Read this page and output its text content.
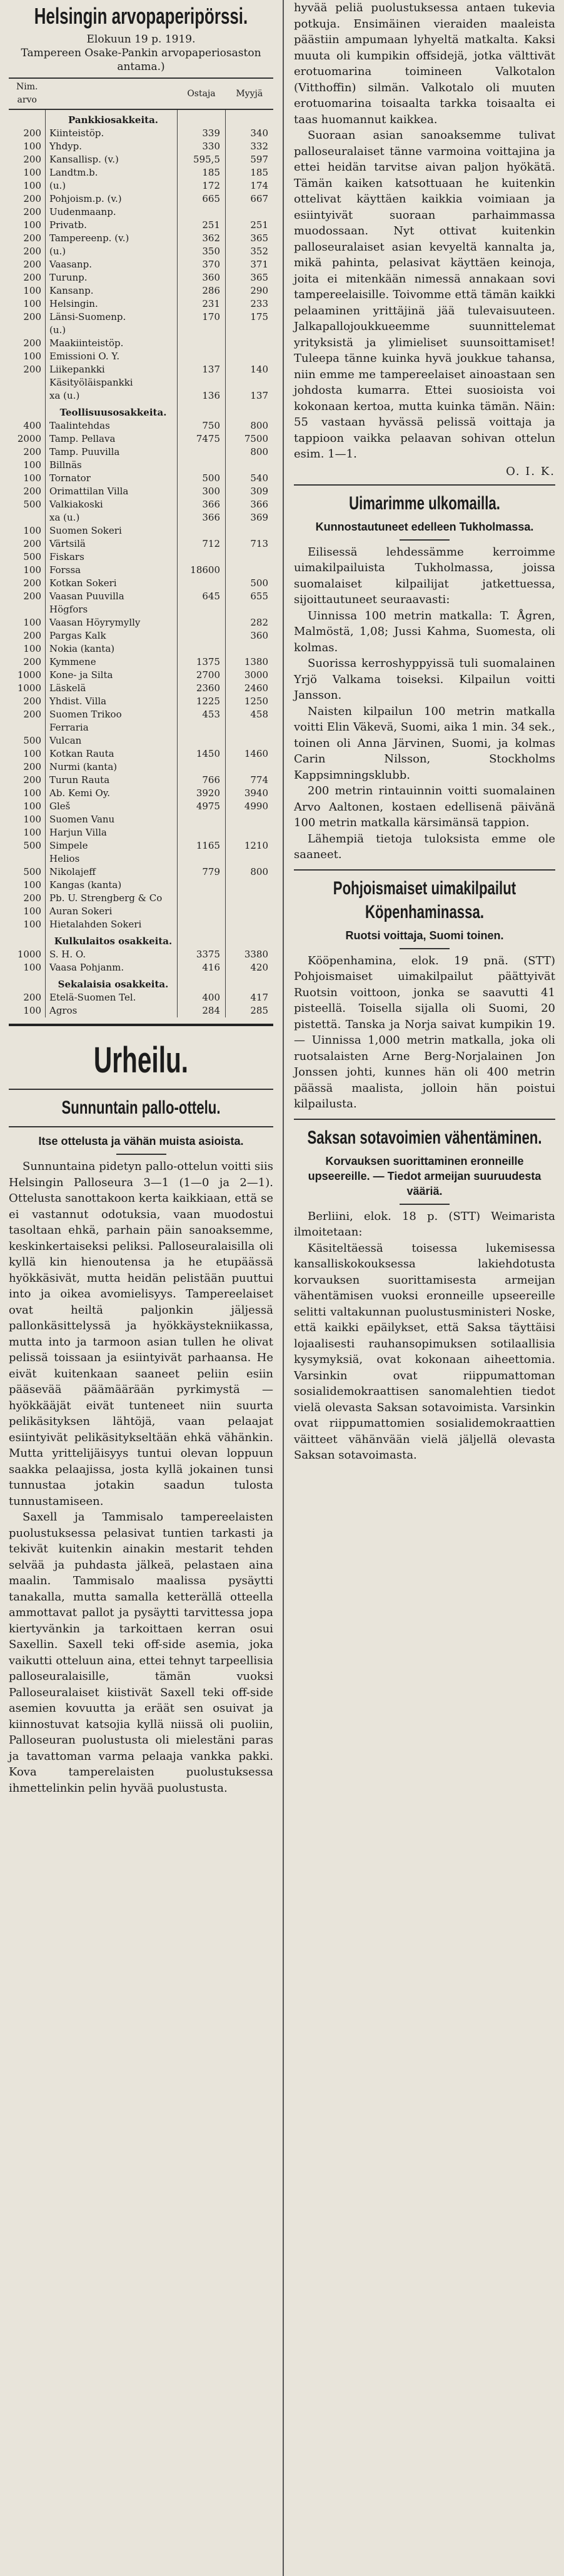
Helsingin arvopaperipörssi.
Elokuun 19 p. 1919.
Tampereen Osake-Pankin arvopaperiosaston antama.)
Nim. arvo		Ostaja	Myyjä
	Pankkiosakkeita.		
200	Kiinteistöp.	339	340
100	Yhdyp.	330	332
200	Kansallisp. (v.)	595,5	597
100	Landtm.b.	185	185
100	(u.)	172	174
200	Pohjoism.p. (v.)	665	667
200	Uudenmaanp.		
100	Privatb.	251	251
200	Tampereenp. (v.)	362	365
200	(u.)	350	352
200	Vaasanp.	370	371
200	Turunp.	360	365
100	Kansanp.	286	290
100	Helsingin.	231	233
200	Länsi-Suomenp.	170	175
	(u.)		
200	Maakiinteistöp.		
100	Emissioni O. Y.		
200	Liikepankki	137	140
	Käsityöläispankki		
	xa (u.)	136	137
	Teollisuusosakkeita.		
400	Taalintehdas	750	800
2000	Tamp. Pellava	7475	7500
200	Tamp. Puuvilla		800
100	Billnäs		
100	Tornator	500	540
200	Orimattilan Villa	300	309
500	Valkiakoski	366	366
	xa (u.)	366	369
100	Suomen Sokeri		
200	Värtsilä	712	713
500	Fiskars		
100	Forssa	18600	
200	Kotkan Sokeri		500
200	Vaasan Puuvilla	645	655
	Högfors		
100	Vaasan Höyrymylly		282
200	Pargas Kalk		360
100	Nokia (kanta)		
200	Kymmene	1375	1380
1000	Kone- ja Silta	2700	3000
1000	Läskelä	2360	2460
200	Yhdist. Villa	1225	1250
200	Suomen Trikoo	453	458
	Ferraria		
500	Vulcan		
100	Kotkan Rauta	1450	1460
200	Nurmi (kanta)		
200	Turun Rauta	766	774
100	Ab. Kemi Oy.	3920	3940
100	Gleš	4975	4990
100	Suomen Vanu		
100	Harjun Villa		
500	Simpele	1165	1210
	Helios		
500	Nikolajeff	779	800
100	Kangas (kanta)		
200	Pb. U. Strengberg & Co		
100	Auran Sokeri		
100	Hietalahden Sokeri		
	Kulkulaitos osakkeita.		
1000	S. H. O.	3375	3380
100	Vaasa Pohjanm.	416	420
	Sekalaisia osakkeita.		
200	Etelä-Suomen Tel.	400	417
100	Agros	284	285
Urheilu.
Sunnuntain pallo-ottelu.
Itse ottelusta ja vähän muista asioista.

Sunnuntaina pidetyn pallo-ottelun voitti siis Helsingin Palloseura 3—1 (1—0 ja 2—1). Ottelusta sanottakoon kerta kaikkiaan, että se ei vastannut odotuksia, vaan muodostui tasoltaan ehkä, parhain päin sanoaksemme, keskinkertaiseksi peliksi. Palloseuralaisilla oli kyllä kin hienoutensa ja he etupäässä hyökkäsivät, mutta heidän pelistään puuttui into ja oikea avomielisyys. Tampereelaiset ovat heiltä paljonkin jäljessä pallonkäsittelyssä ja hyökkäystekniikassa, mutta into ja tarmoon asian tullen he olivat pelissä toissaan ja esiintyivät parhaansa. He eivät kuitenkaan saaneet peliin esiin pääsevää päämäärään pyrkimystä — hyökkääjät eivät tunteneet niin suurta pelikäsityksen lähtöjä, vaan pelaajat esiintyivät pelikäsitykseltään ehkä vähänkin. Mutta yrittelijäisyys tuntui olevan loppuun saakka pelaajissa, josta kyllä jokainen tunsi tunnustaa jotakin saadun tulosta tunnustamiseen.

Saxell ja Tammisalo tampereelaisten puolustuksessa pelasivat tuntien tarkasti ja tekivät kuitenkin ainakin mestarit tehden selvää ja puhdasta jälkeä, pelastaen aina maalin. Tammisalo maalissa pysäytti tanakalla, mutta samalla ketterällä otteella ammottavat pallot ja pysäytti tarvittessa jopa kiertyvänkin ja tarkoittaen kerran osui Saxellin. Saxell teki off-side asemia, joka vaikutti otteluun aina, ettei tehnyt tarpeellisia palloseuralaisille, tämän vuoksi Palloseuralaiset kiistivät Saxell teki off-side asemien kovuutta ja eräät sen osuivat ja kiinnostuvat katsojia kyllä niissä oli puoliin, Palloseuran puolustusta oli mielestäni paras ja tavattoman varma pelaaja vankka pakki. Kova tamperelaisten puolustuksessa ihmettelinkin pelin hyvää puolustusta.

hyvää peliä puolustuksessa antaen tukevia potkuja. Ensimäinen vieraiden maaleista päästiin ampumaan lyhyeltä matkalta. Kaksi muuta oli kumpikin offsidejä, jotka välttivät erotuomarina toimineen Valkotalon (Vitthoffin) silmän. Valkotalo oli muuten erotuomarina toisaalta tarkka toisaalta ei taas huomannut kaikkea.

Suoraan asian sanoaksemme tulivat palloseuralaiset tänne varmoina voittajina ja ettei heidän tarvitse aivan paljon hyökätä. Tämän kaiken katsottuaan he kuitenkin ottelivat käyttäen kaikkia voimiaan ja esiintyivät suoraan parhaimmassa muodossaan. Nyt ottivat kuitenkin palloseuralaiset asian kevyeltä kannalta ja, mikä pahinta, pelasivat käyttäen keinoja, joita ei mitenkään nimessä annakaan sovi tampereelaisille. Toivomme että tämän kaikki pelaaminen yrittäjinä jää tulevaisuuteen. Jalkapallojoukkueemme suunnittelemat yrityksistä ja ylimieliset suunsoittamiset! Tuleepa tänne kuinka hyvä joukkue tahansa, niin emme me tampereelaiset ainoastaan sen johdosta kumarra. Ettei suosioista voi kokonaan kertoa, mutta kuinka tämän. Näin: 55 vastaan hyvässä pelissä voittaja ja tappioon vaikka pelaavan sohivan ottelun esim. 1—1.

O. I. K.

Uimarimme ulkomailla.
Kunnostautuneet edelleen Tukholmassa.

Eilisessä lehdessämme kerroimme uimakilpailuista Tukholmassa, joissa suomalaiset kilpailijat jatkettuessa, sijoittautuneet seuraavasti:

Uinnissa 100 metrin matkalla: T. Ågren, Malmöstä, 1,08; Jussi Kahma, Suomesta, oli kolmas.

Suorissa kerroshyppyissä tuli suomalainen Yrjö Valkama toiseksi. Kilpailun voitti Jansson.

Naisten kilpailun 100 metrin matkalla voitti Elin Väkevä, Suomi, aika 1 min. 34 sek., toinen oli Anna Järvinen, Suomi, ja kolmas Carin Nilsson, Stockholms Kappsimningsklubb.

200 metrin rintauinnin voitti suomalainen Arvo Aaltonen, kostaen edellisenä päivänä 100 metrin matkalla kärsimänsä tappion.

Lähempiä tietoja tuloksista emme ole saaneet.

Pohjoismaiset uimakilpailut Köpenhaminassa.
Ruotsi voittaja, Suomi toinen.

Kööpenhamina, elok. 19 pnä. (STT) Pohjoismaiset uimakilpailut päättyivät Ruotsin voittoon, jonka se saavutti 41 pisteellä. Toisella sijalla oli Suomi, 20 pistettä. Tanska ja Norja saivat kumpikin 19. — Uinnissa 1,000 metrin matkalla, joka oli ruotsalaisten Arne Berg-Norjalainen Jon Jonssen johti, kunnes hän oli 400 metrin päässä maalista, jolloin hän poistui kilpailusta.

Saksan sotavoimien vähentäminen.
Korvauksen suorittaminen eronneille upseereille. — Tiedot armeijan suuruudesta vääriä.

Berliini, elok. 18 p. (STT) Weimarista ilmoitetaan:

Käsiteltäessä toisessa lukemisessa kansalliskokouksessa lakiehdotusta korvauksen suorittamisesta armeijan vähentämisen vuoksi eronneille upseereille selitti valtakunnan puolustusministeri Noske, että kaikki epäilykset, että Saksa täyttäisi lojaalisesti rauhansopimuksen sotilaallisia kysymyksiä, ovat kokonaan aiheettomia. Varsinkin ovat riippumattoman sosialidemokraattisen sanomalehtien tiedot vielä olevasta Saksan sotavoimista. Varsinkin ovat riippumattomien sosialidemokraattien väitteet vähänvään vielä jäljellä olevasta Saksan sotavoimasta.
